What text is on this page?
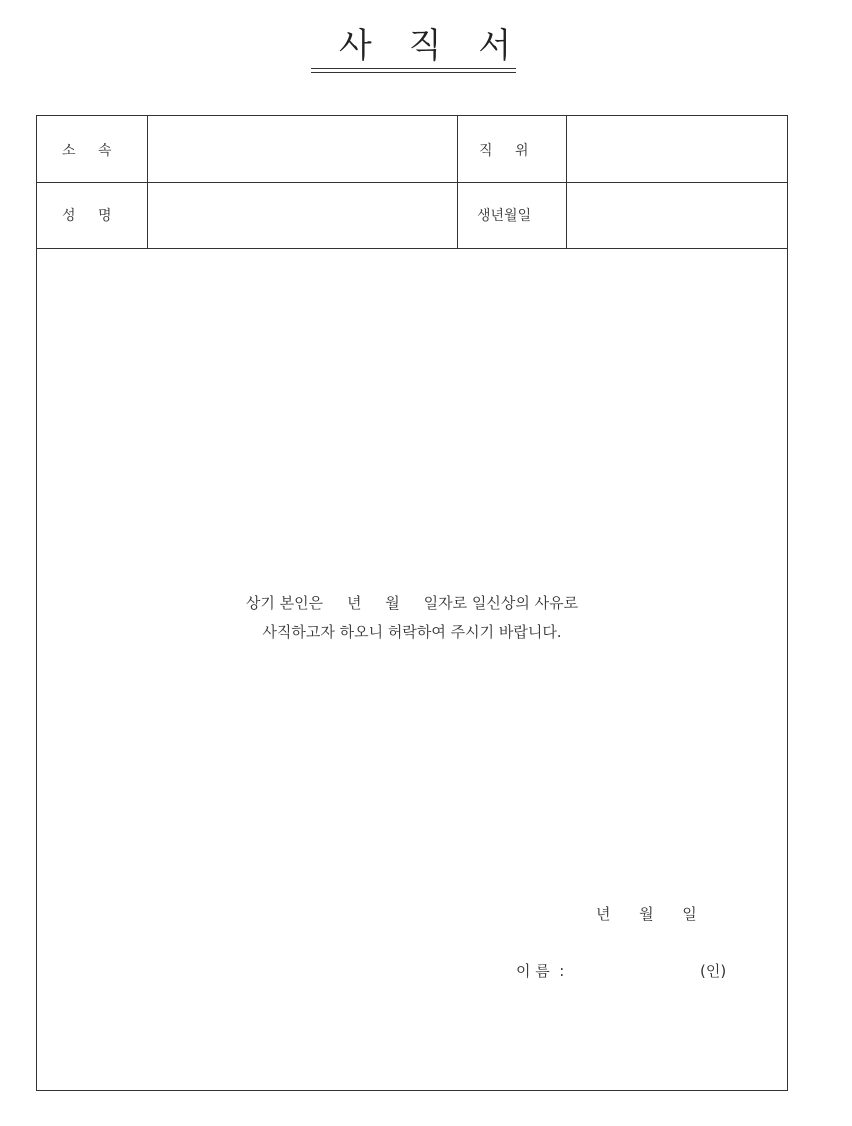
사 직 서
소 속	직 위
성 명	생년월일
상기 본인은     년     월     일자로 일신상의 사유로
사직하고자 하오니 허락하여 주시기 바랍니다.
년      월      일
이 름  :	(인)
